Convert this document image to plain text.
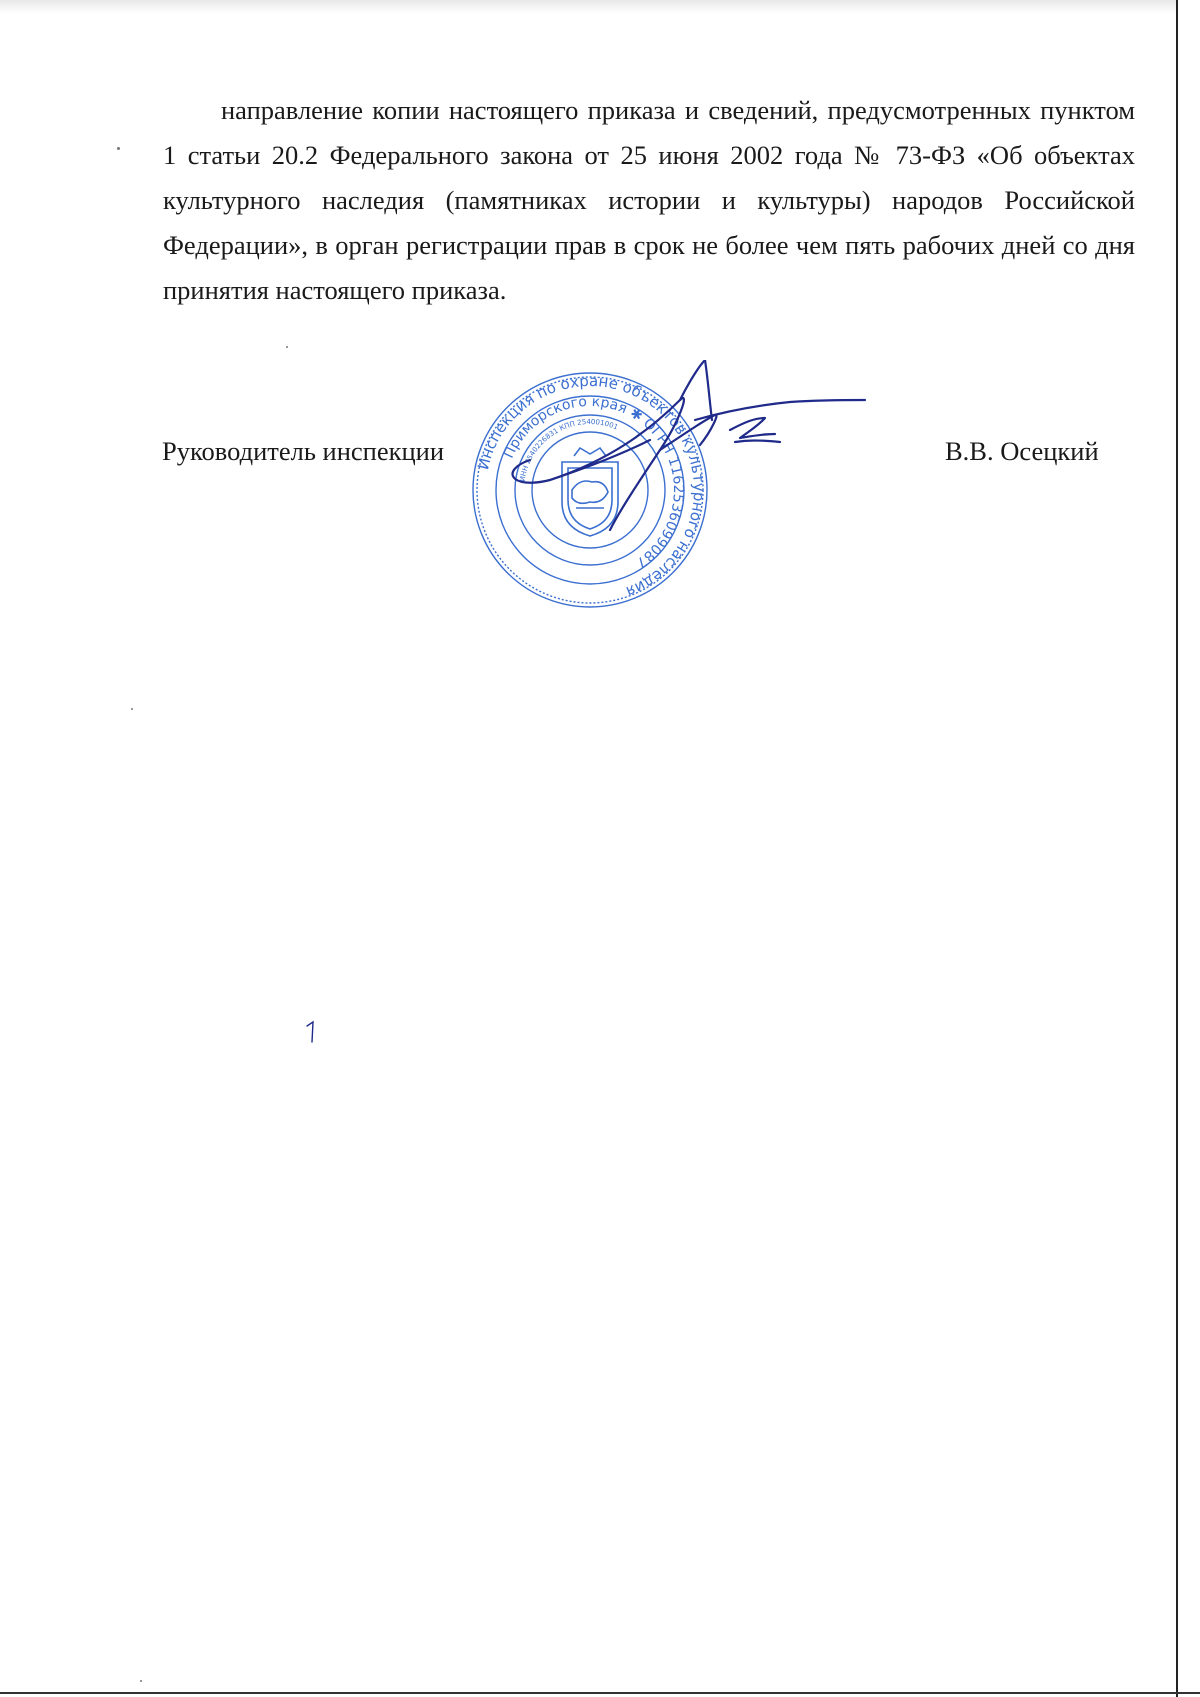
направление копии настоящего приказа и сведений, предусмотренных пунктом 1 статьи 20.2 Федерального закона от 25 июня 2002 года № 73-ФЗ «Об объектах культурного наследия (памятниках истории и культуры) народов Российской Федерации», в орган регистрации прав в срок не более чем пять рабочих дней со дня принятия настоящего приказа.

Руководитель инспекции	В.В. Осецкий
Инспекция по охране объектов культурного наследия
Приморского края ✱ ОГРН 1162536099087
ИНН 2540226831 КПП 254001001
